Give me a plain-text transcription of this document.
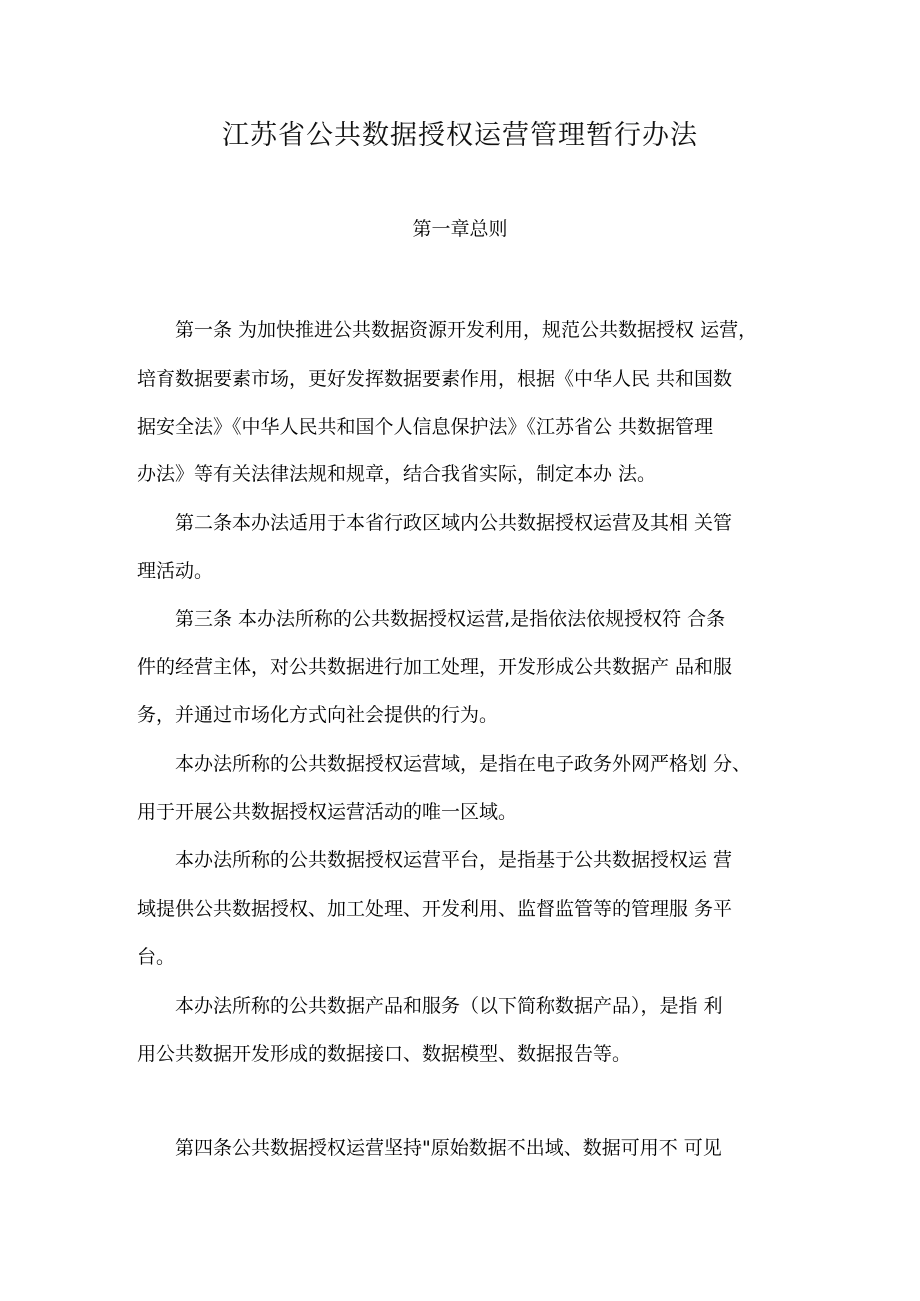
江苏省公共数据授权运营管理暂行办法
第一章总则
第一条 为加快推进公共数据资源开发利用，规范公共数据授权 运营，
培育数据要素市场，更好发挥数据要素作用，根据《中华人民 共和国数
据安全法》《中华人民共和国个人信息保护法》《江苏省公 共数据管理
办法》等有关法律法规和规章，结合我省实际，制定本办 法。
第二条本办法适用于本省行政区域内公共数据授权运营及其相 关管
理活动。
第三条 本办法所称的公共数据授权运营,是指依法依规授权符 合条
件的经营主体，对公共数据进行加工处理，开发形成公共数据产 品和服
务，并通过市场化方式向社会提供的行为。
本办法所称的公共数据授权运营域，是指在电子政务外网严格划 分、
用于开展公共数据授权运营活动的唯一区域。
本办法所称的公共数据授权运营平台，是指基于公共数据授权运 营
域提供公共数据授权、加工处理、开发利用、监督监管等的管理服 务平
台。
本办法所称的公共数据产品和服务（以下简称数据产品），是指 利
用公共数据开发形成的数据接口、数据模型、数据报告等。
第四条公共数据授权运营坚持"原始数据不出域、数据可用不 可见
